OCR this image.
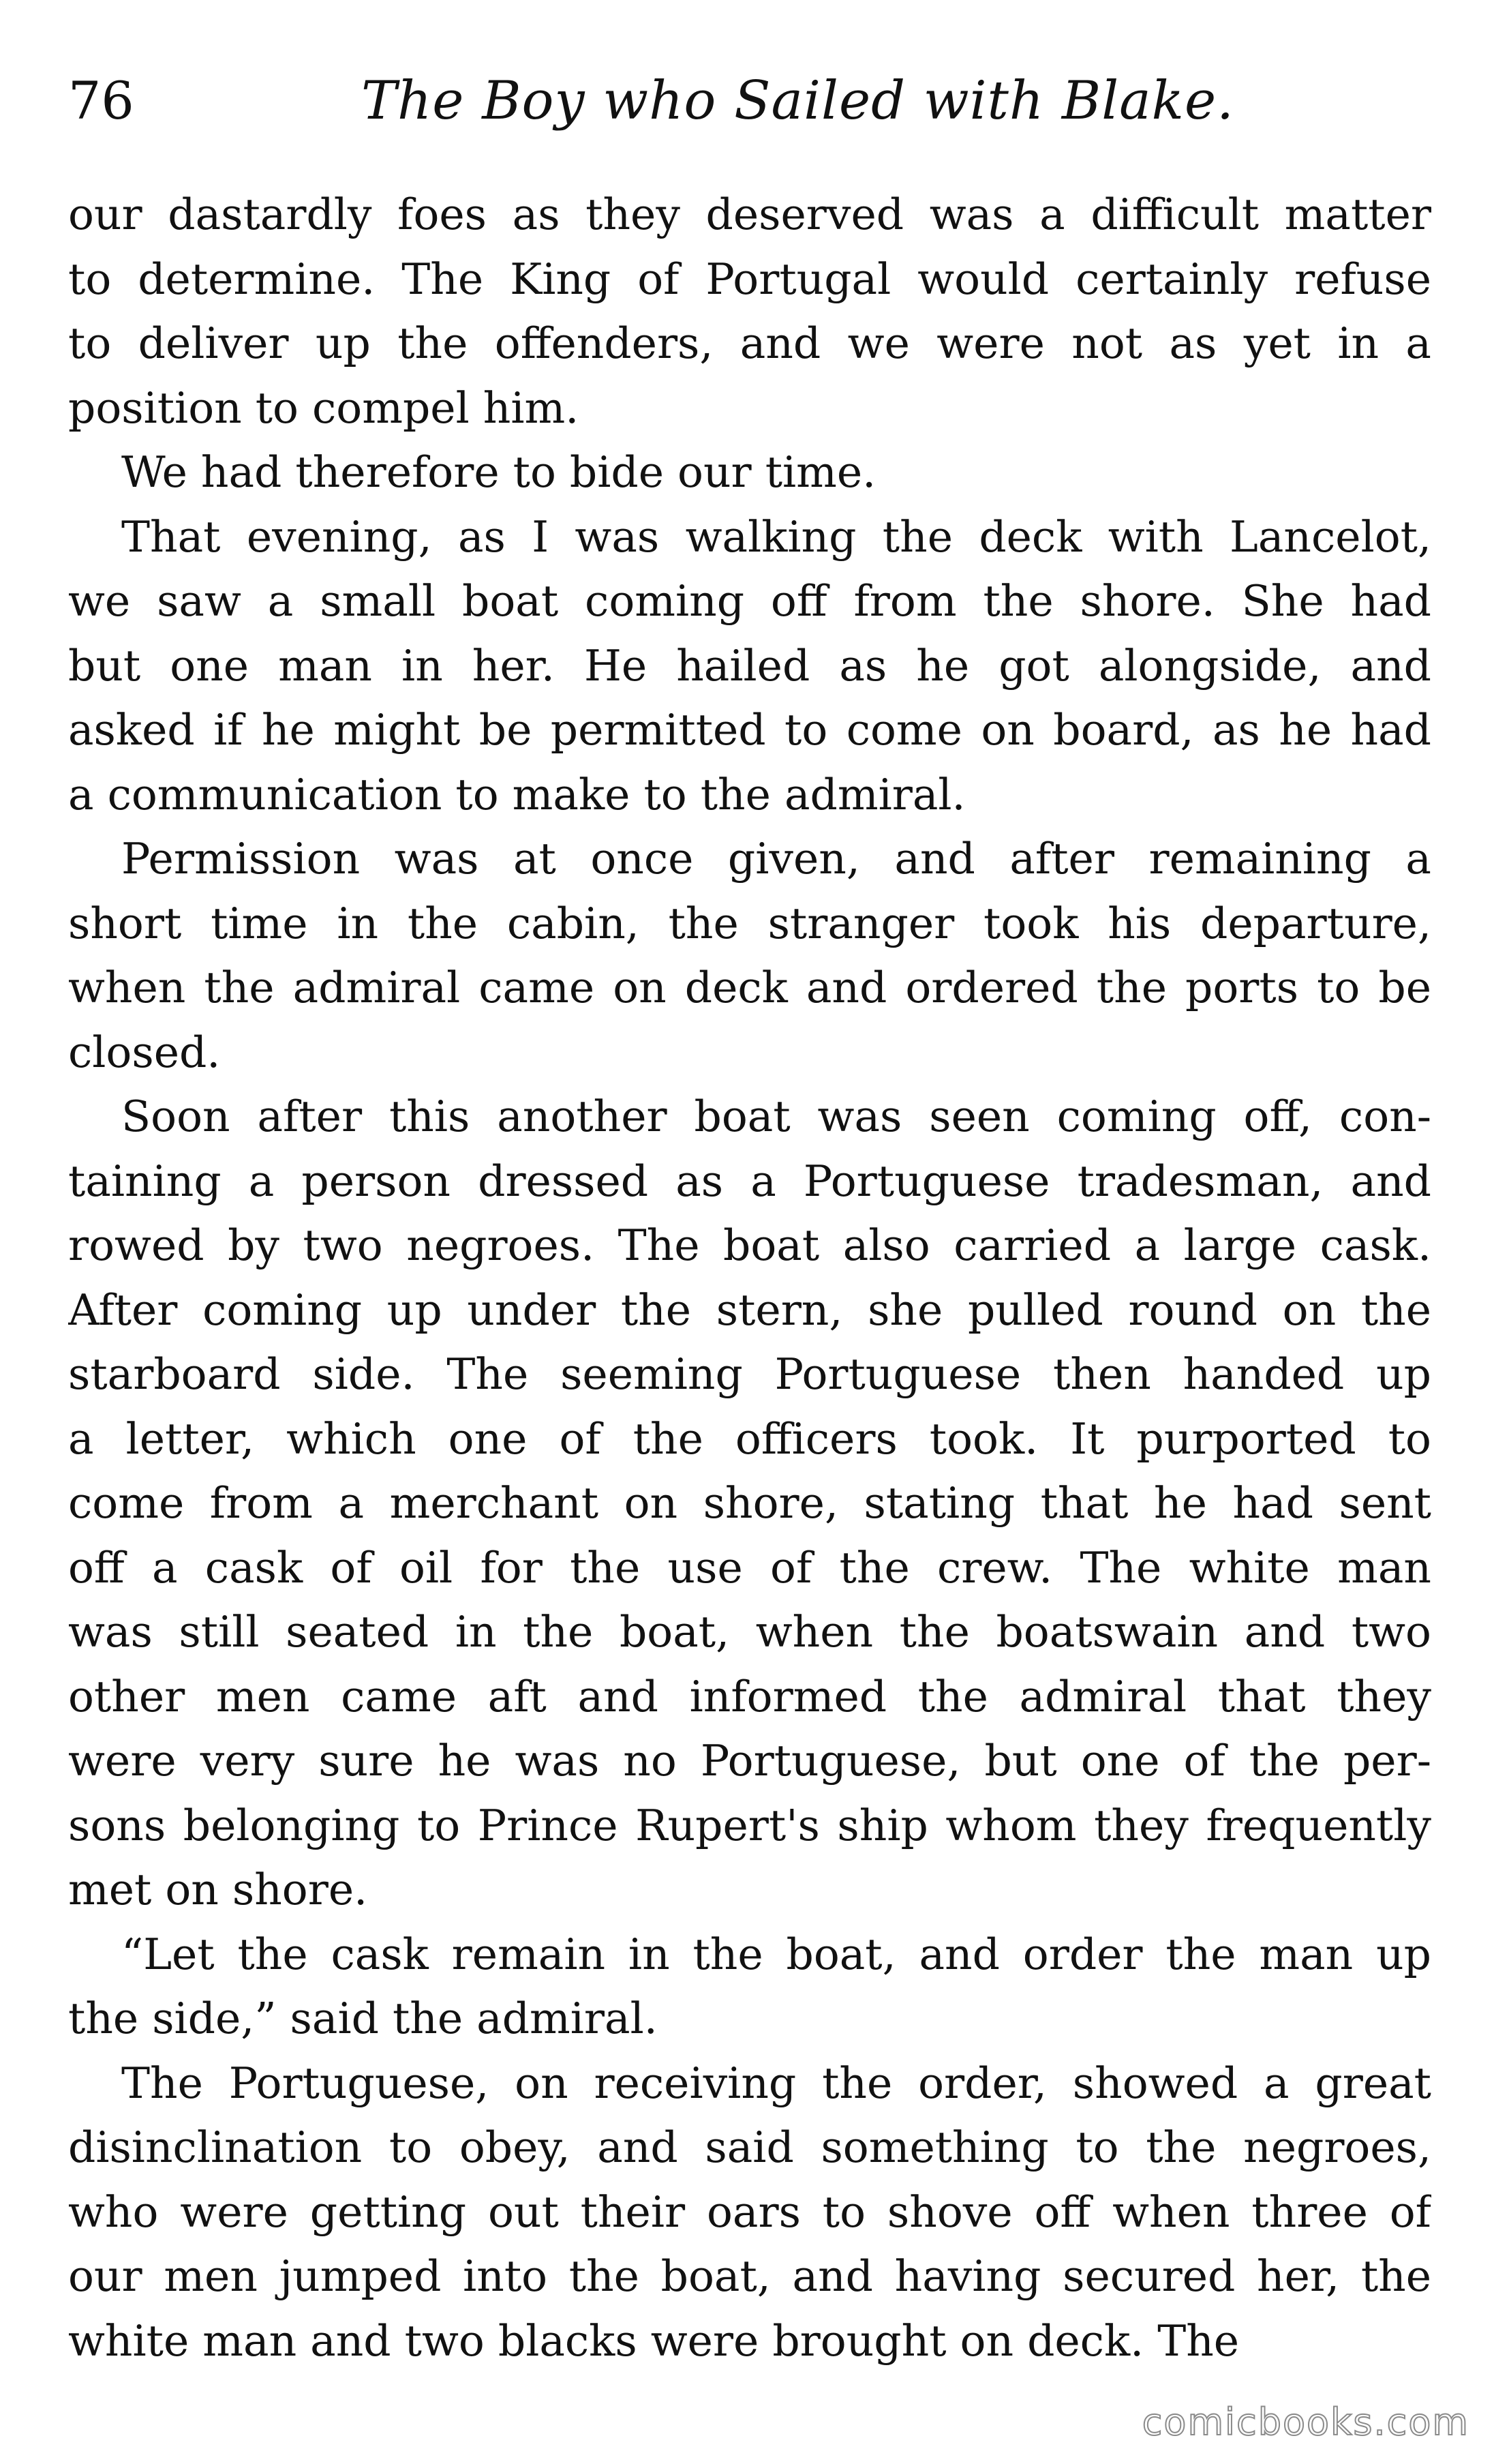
76	The Boy who Sailed with Blake.
our dastardly foes as they deserved was a difficult matter
to determine. The King of Portugal would certainly refuse
to deliver up the offenders, and we were not as yet in a
position to compel him.
We had therefore to bide our time.
That evening, as I was walking the deck with Lancelot,
we saw a small boat coming off from the shore. She had
but one man in her. He hailed as he got alongside, and
asked if he might be permitted to come on board, as he had
a communication to make to the admiral.
Permission was at once given, and after remaining a
short time in the cabin, the stranger took his departure,
when the admiral came on deck and ordered the ports to be
closed.
Soon after this another boat was seen coming off, con-
taining a person dressed as a Portuguese tradesman, and
rowed by two negroes. The boat also carried a large cask.
After coming up under the stern, she pulled round on the
starboard side. The seeming Portuguese then handed up
a letter, which one of the officers took. It purported to
come from a merchant on shore, stating that he had sent
off a cask of oil for the use of the crew. The white man
was still seated in the boat, when the boatswain and two
other men came aft and informed the admiral that they
were very sure he was no Portuguese, but one of the per-
sons belonging to Prince Rupert's ship whom they frequently
met on shore.
“Let the cask remain in the boat, and order the man up
the side,” said the admiral.
The Portuguese, on receiving the order, showed a great
disinclination to obey, and said something to the negroes,
who were getting out their oars to shove off when three of
our men jumped into the boat, and having secured her, the
white man and two blacks were brought on deck. The
comicbooks.com
